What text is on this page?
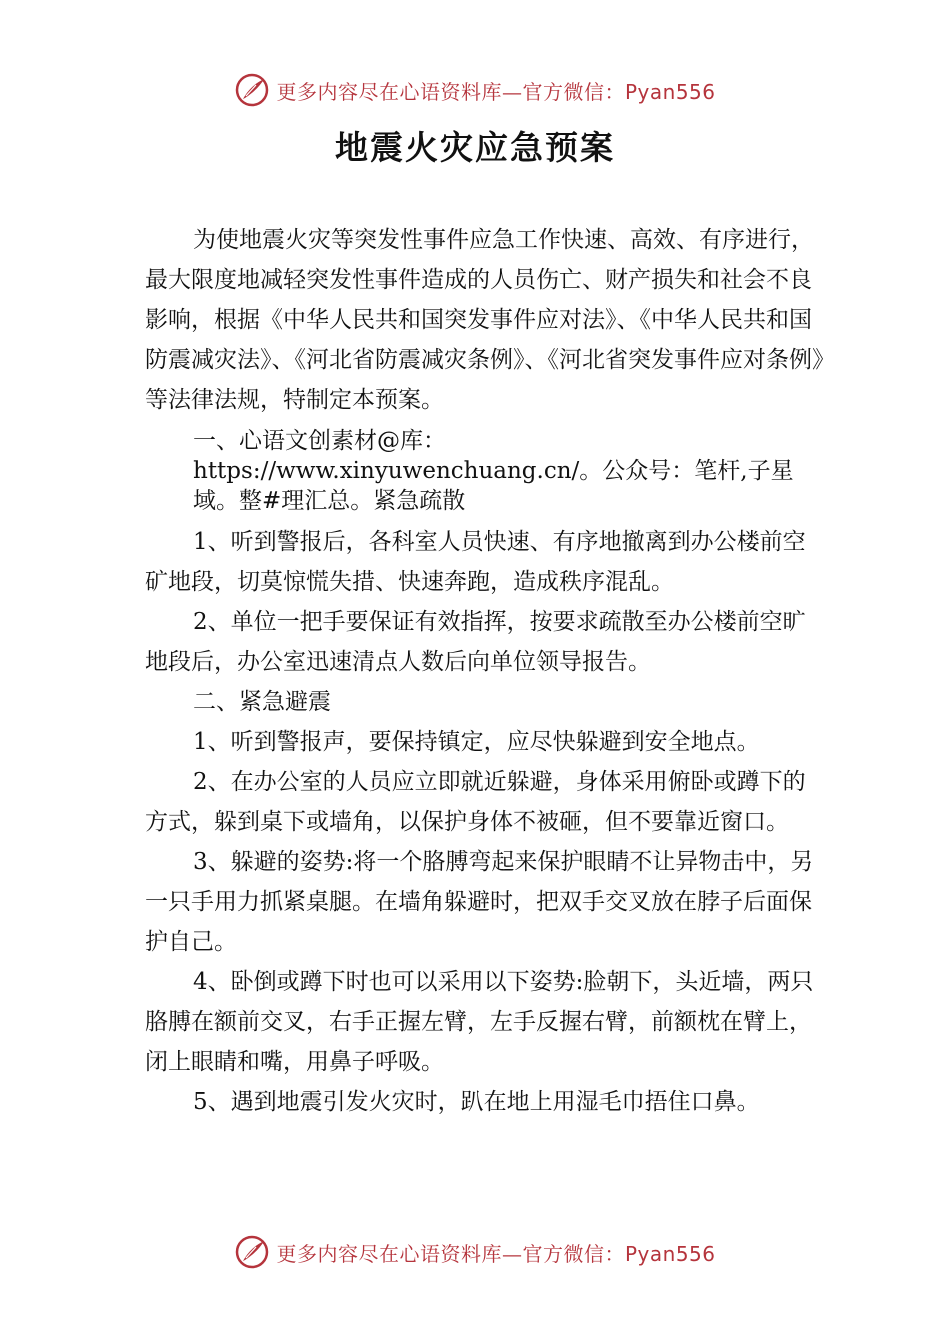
更多内容尽在心语资料库—官方微信：Pyan556
地震火灾应急预案

为使地震火灾等突发性事件应急工作快速、高效、有序进行，最大限度地减轻突发性事件造成的人员伤亡、财产损失和社会不良影响，根据《中华人民共和国突发事件应对法》、《中华人民共和国防震减灾法》、《河北省防震减灾条例》、《河北省突发事件应对条例》等法律法规，特制定本预案。

一、心语文创素材@库：https://www.xinyuwenchuang.cn/。公众号：笔杆,子星域。整#理汇总。紧急疏散

1、听到警报后，各科室人员快速、有序地撤离到办公楼前空矿地段，切莫惊慌失措、快速奔跑，造成秩序混乱。

2、单位一把手要保证有效指挥，按要求疏散至办公楼前空旷地段后，办公室迅速清点人数后向单位领导报告。

二、紧急避震

1、听到警报声，要保持镇定，应尽快躲避到安全地点。

2、在办公室的人员应立即就近躲避，身体采用俯卧或蹲下的方式，躲到桌下或墙角，以保护身体不被砸，但不要靠近窗口。

3、躲避的姿势:将一个胳膊弯起来保护眼睛不让异物击中，另一只手用力抓紧桌腿。在墙角躲避时，把双手交叉放在脖子后面保护自己。

4、卧倒或蹲下时也可以采用以下姿势:脸朝下，头近墙，两只胳膊在额前交叉，右手正握左臂，左手反握右臂，前额枕在臂上，闭上眼睛和嘴，用鼻子呼吸。

5、遇到地震引发火灾时，趴在地上用湿毛巾捂住口鼻。

更多内容尽在心语资料库—官方微信：Pyan556
